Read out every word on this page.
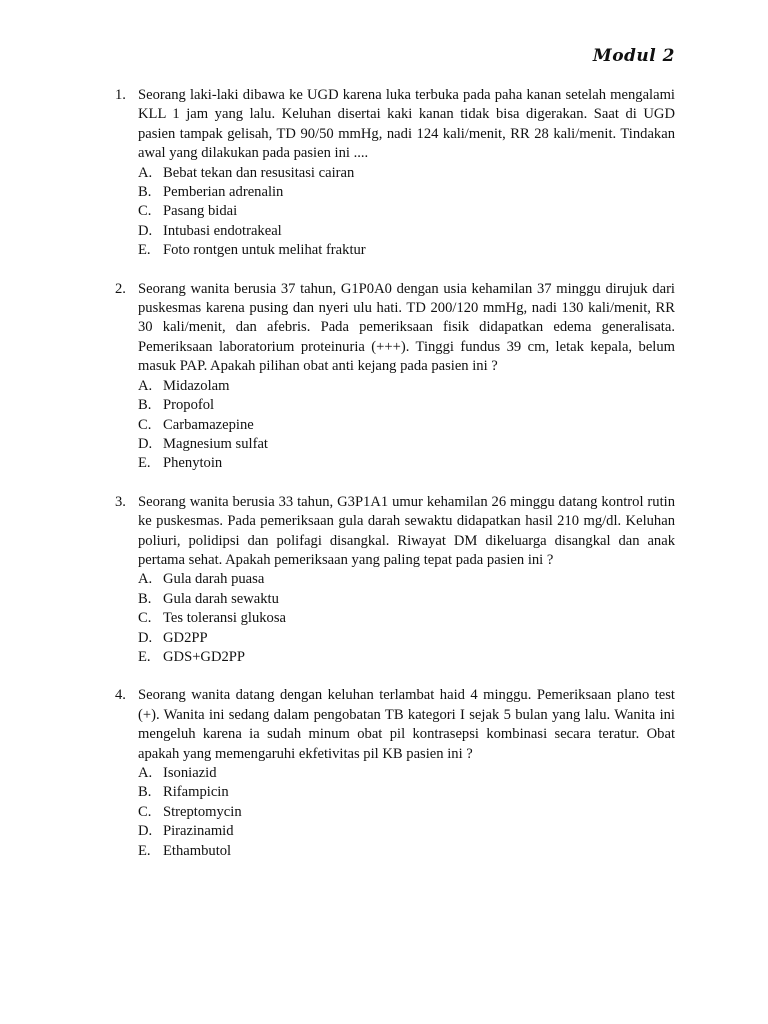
Modul 2
1. Seorang laki-laki dibawa ke UGD karena luka terbuka pada paha kanan setelah mengalami KLL 1 jam yang lalu. Keluhan disertai kaki kanan tidak bisa digerakan. Saat di UGD pasien tampak gelisah, TD 90/50 mmHg, nadi 124 kali/menit, RR 28 kali/menit. Tindakan awal yang dilakukan pada pasien ini ....

A. Bebat tekan dan resusitasi cairan
B. Pemberian adrenalin
C. Pasang bidai
D. Intubasi endotrakeal
E. Foto rontgen untuk melihat fraktur
2. Seorang wanita berusia 37 tahun, G1P0A0 dengan usia kehamilan 37 minggu dirujuk dari puskesmas karena pusing dan nyeri ulu hati. TD 200/120 mmHg, nadi 130 kali/menit, RR 30 kali/menit, dan afebris. Pada pemeriksaan fisik didapatkan edema generalisata. Pemeriksaan laboratorium proteinuria (+++). Tinggi fundus 39 cm, letak kepala, belum masuk PAP. Apakah pilihan obat anti kejang pada pasien ini ?

A. Midazolam
B. Propofol
C. Carbamazepine
D. Magnesium sulfat
E. Phenytoin
3. Seorang wanita berusia 33 tahun, G3P1A1 umur kehamilan 26 minggu datang kontrol rutin ke puskesmas. Pada pemeriksaan gula darah sewaktu didapatkan hasil 210 mg/dl. Keluhan poliuri, polidipsi dan polifagi disangkal. Riwayat DM dikeluarga disangkal dan anak pertama sehat. Apakah pemeriksaan yang paling tepat pada pasien ini ?

A. Gula darah puasa
B. Gula darah sewaktu
C. Tes toleransi glukosa
D. GD2PP
E. GDS+GD2PP
4. Seorang wanita datang dengan keluhan terlambat haid 4 minggu. Pemeriksaan plano test (+). Wanita ini sedang dalam pengobatan TB kategori I sejak 5 bulan yang lalu. Wanita ini mengeluh karena ia sudah minum obat pil kontrasepsi kombinasi secara teratur. Obat apakah yang memengaruhi ekfetivitas pil KB pasien ini ?

A. Isoniazid
B. Rifampicin
C. Streptomycin
D. Pirazinamid
E. Ethambutol
